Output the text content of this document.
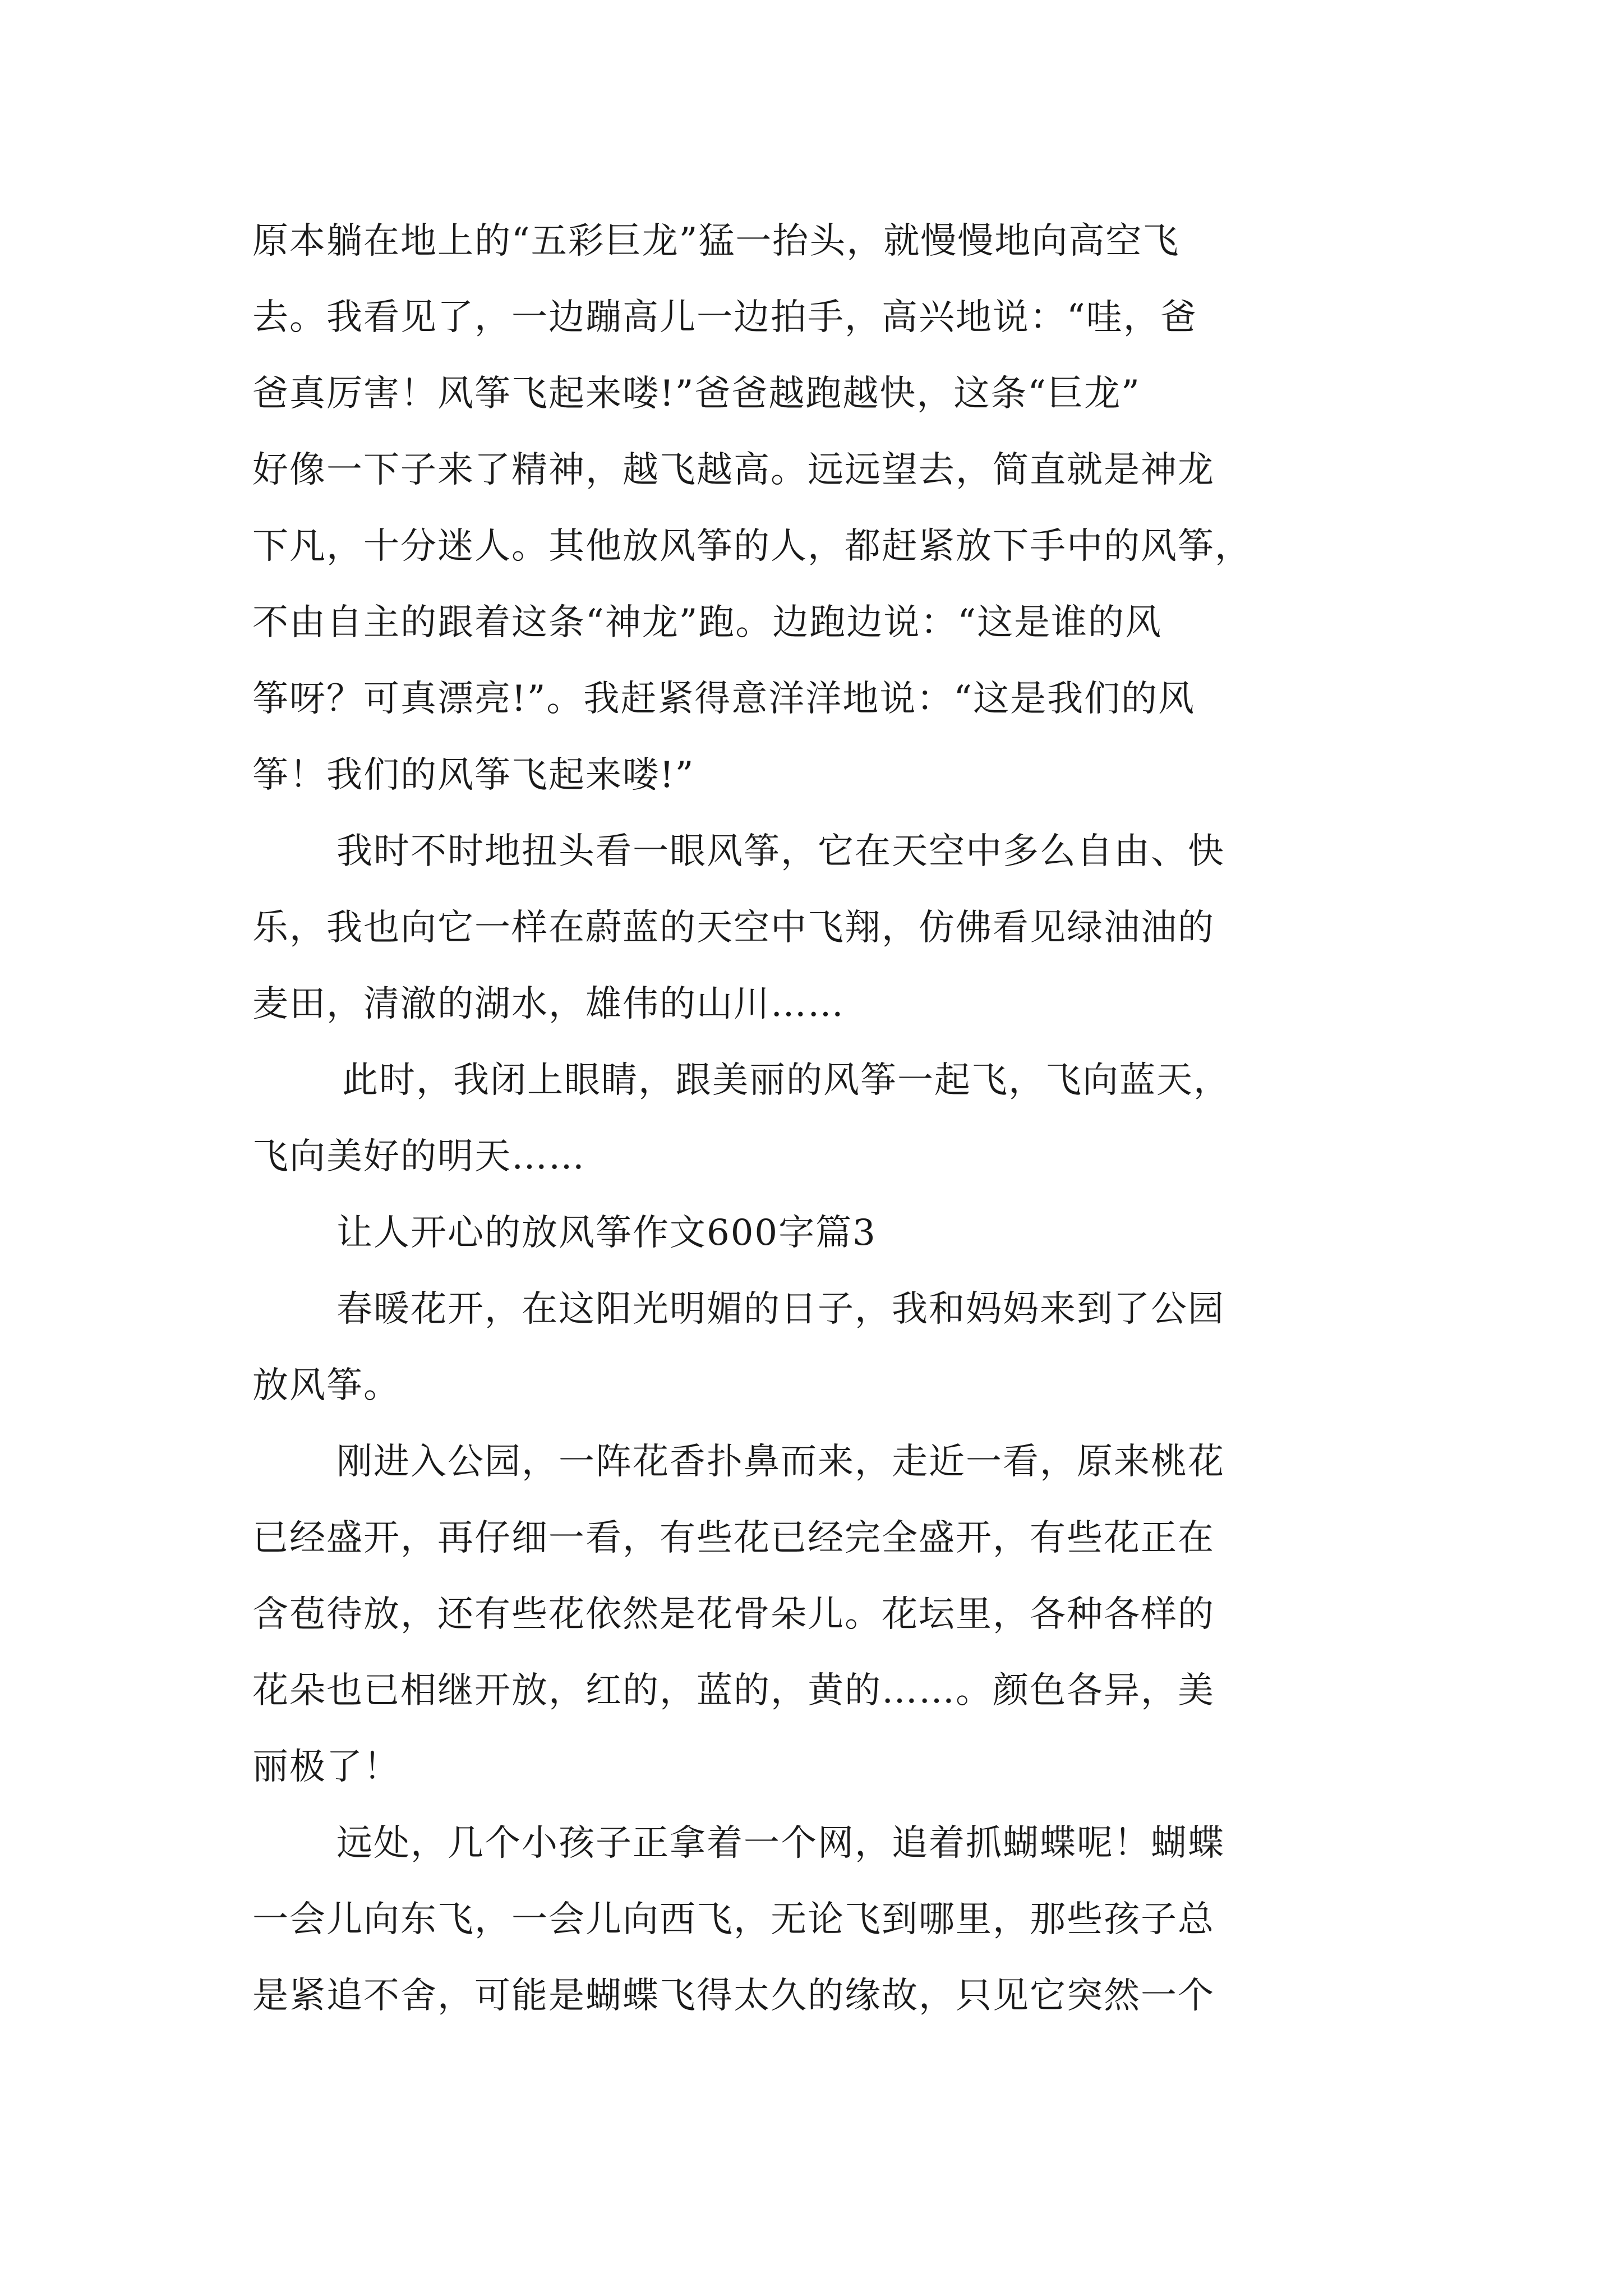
原本躺在地上的“五彩巨龙”猛一抬头，就慢慢地向高空飞
去。我看见了，一边蹦高儿一边拍手，高兴地说：“哇，爸
爸真厉害！风筝飞起来喽!”爸爸越跑越快，这条“巨龙”
好像一下子来了精神，越飞越高。远远望去，简直就是神龙
下凡，十分迷人。其他放风筝的人，都赶紧放下手中的风筝，
不由自主的跟着这条“神龙”跑。边跑边说：“这是谁的风
筝呀？可真漂亮!”。我赶紧得意洋洋地说：“这是我们的风
筝！我们的风筝飞起来喽!”
我时不时地扭头看一眼风筝，它在天空中多么自由、快
乐，我也向它一样在蔚蓝的天空中飞翔，仿佛看见绿油油的
麦田，清澈的湖水，雄伟的山川……
此时，我闭上眼睛，跟美丽的风筝一起飞，飞向蓝天，
飞向美好的明天……
让人开心的放风筝作文600字篇3
春暖花开，在这阳光明媚的日子，我和妈妈来到了公园
放风筝。
刚进入公园，一阵花香扑鼻而来，走近一看，原来桃花
已经盛开，再仔细一看，有些花已经完全盛开，有些花正在
含苞待放，还有些花依然是花骨朵儿。花坛里，各种各样的
花朵也已相继开放，红的，蓝的，黄的……。颜色各异，美
丽极了！
远处，几个小孩子正拿着一个网，追着抓蝴蝶呢！蝴蝶
一会儿向东飞，一会儿向西飞，无论飞到哪里，那些孩子总
是紧追不舍，可能是蝴蝶飞得太久的缘故，只见它突然一个
